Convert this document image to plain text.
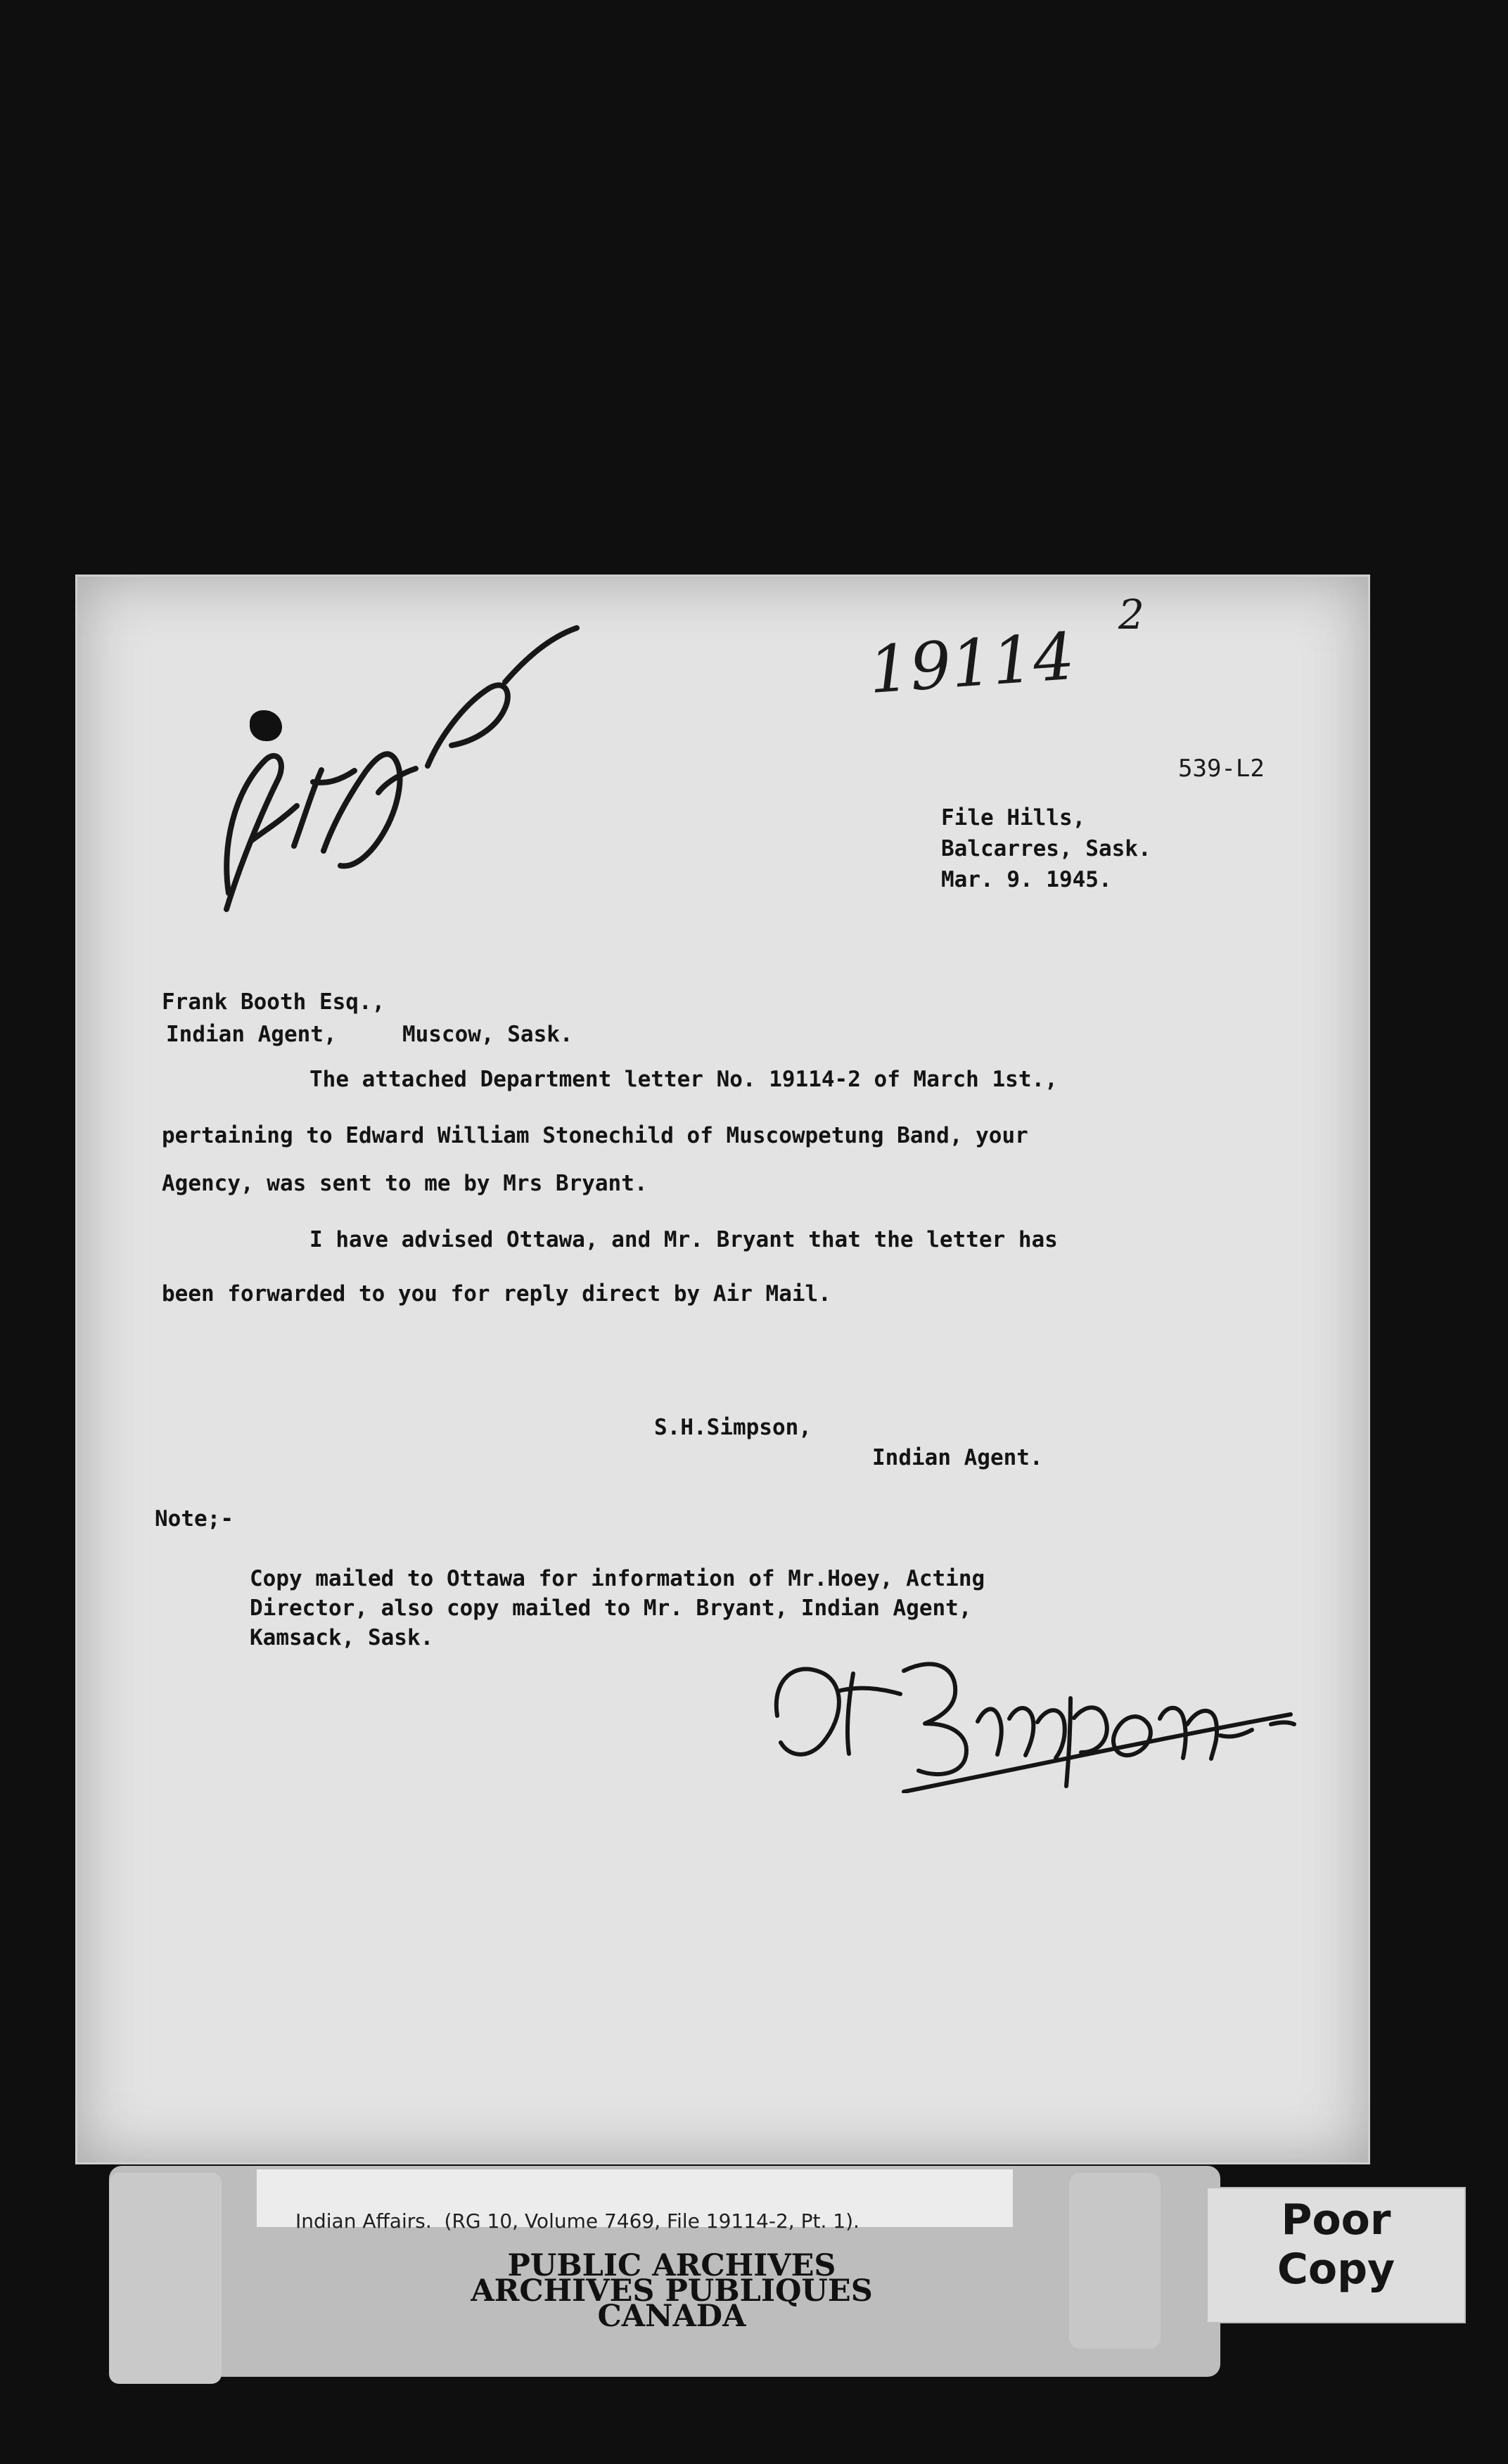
19114
2
539-L2
File Hills,
Balcarres, Sask.
Mar. 9. 1945.
Frank Booth Esq.,
Indian Agent,     Muscow, Sask.
The attached Department letter No. 19114-2 of March 1st.,
pertaining to Edward William Stonechild of Muscowpetung Band, your
Agency, was sent to me by Mrs Bryant.
I have advised Ottawa, and Mr. Bryant that the letter has
been forwarded to you for reply direct by Air Mail.
S.H.Simpson,
Indian Agent.
Note;-
Copy mailed to Ottawa for information of Mr.Hoey, Acting
Director, also copy mailed to Mr. Bryant, Indian Agent,
Kamsack, Sask.
Indian Affairs.  (RG 10, Volume 7469, File 19114-2, Pt. 1).
PUBLIC ARCHIVES
ARCHIVES PUBLIQUES
CANADA
Poor
Copy
